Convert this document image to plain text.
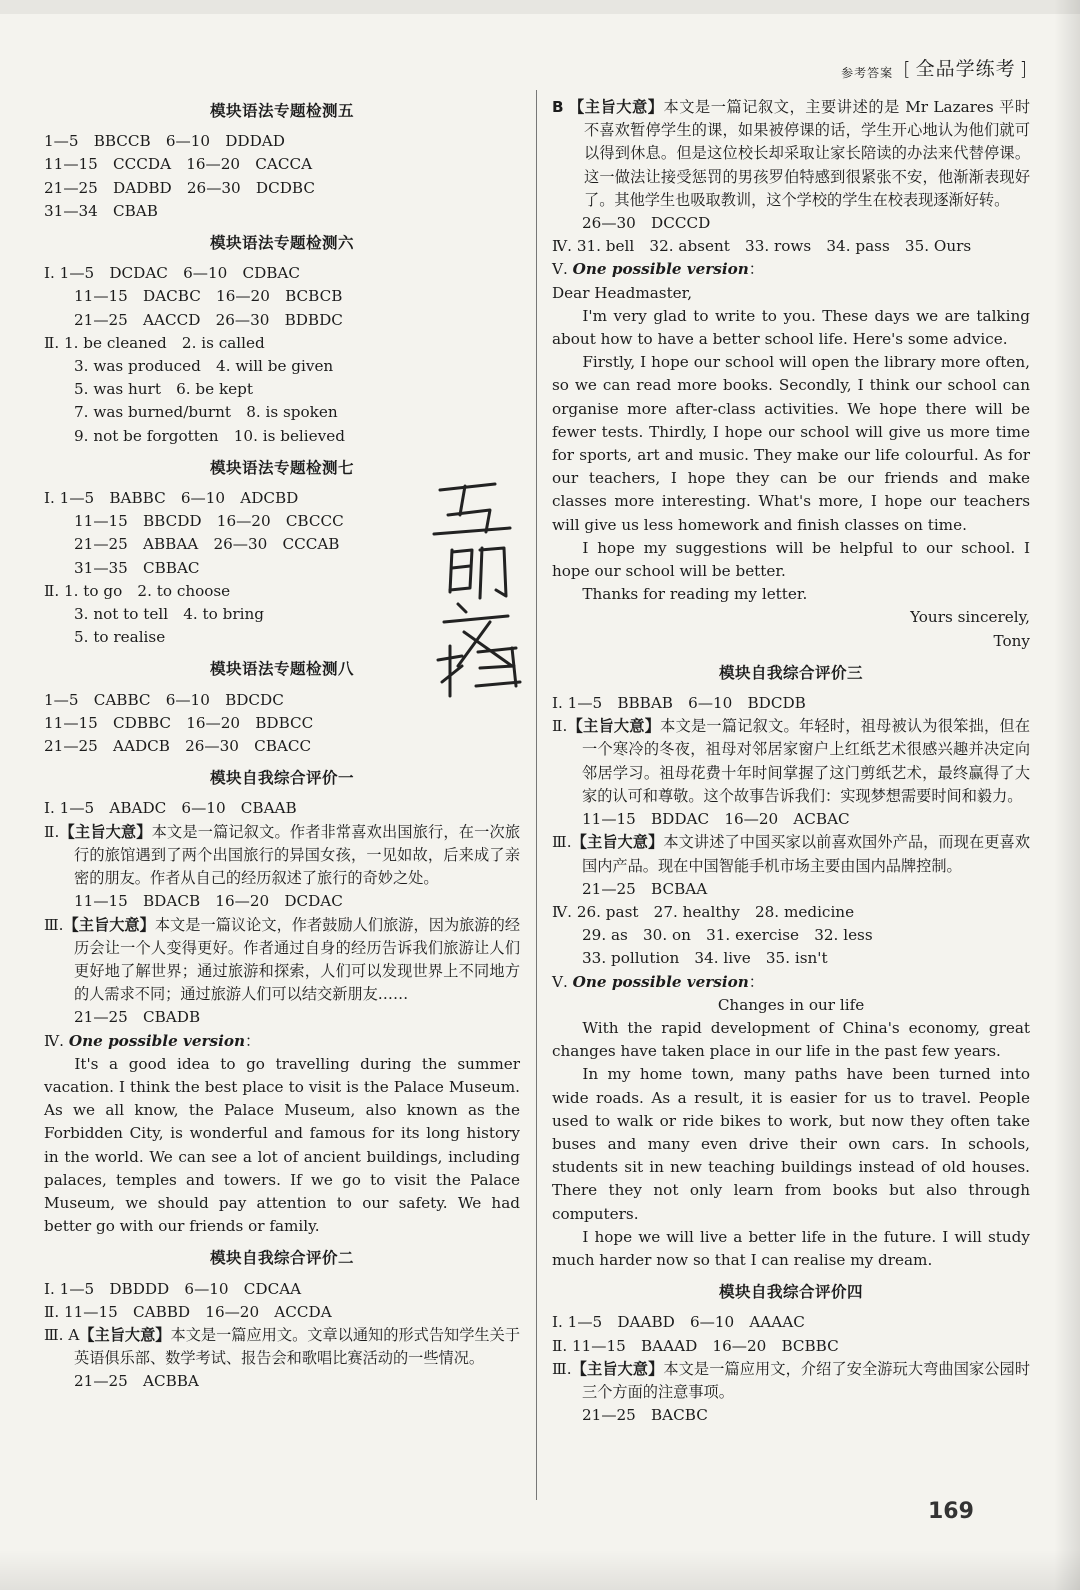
参考答案
[	全品学练考 ]
模块语法专题检测五
1—5　BBCCB　6—10　DDDAD
11—15　CCCDA　16—20　CACCA
21—25　DADBD　26—30　DCDBC
31—34　CBAB
模块语法专题检测六
Ⅰ. 1—5　DCDAC　6—10　CDBAC
11—15　DACBC　16—20　BCBCB
21—25　AACCD　26—30　BDBDC
Ⅱ. 1. be cleaned　2. is called
3. was produced　4. will be given
5. was hurt　6. be kept
7. was burned/burnt　8. is spoken
9. not be forgotten　10. is believed
模块语法专题检测七
Ⅰ. 1—5　BABBC　6—10　ADCBD
11—15　BBCDD　16—20　CBCCC
21—25　ABBAA　26—30　CCCAB
31—35　CBBAC
Ⅱ. 1. to go　2. to choose
3. not to tell　4. to bring
5. to realise
模块语法专题检测八
1—5　CABBC　6—10　BDCDC
11—15　CDBBC　16—20　BDBCC
21—25　AADCB　26—30　CBACC
模块自我综合评价一
Ⅰ. 1—5　ABADC　6—10　CBAAB
Ⅱ.【主旨大意】本文是一篇记叙文。作者非常喜欢出国旅行，在一次旅行的旅馆遇到了两个出国旅行的异国女孩，一见如故，后来成了亲密的朋友。作者从自己的经历叙述了旅行的奇妙之处。
11—15　BDACB　16—20　DCDAC
Ⅲ.【主旨大意】本文是一篇议论文，作者鼓励人们旅游，因为旅游的经历会让一个人变得更好。作者通过自身的经历告诉我们旅游让人们更好地了解世界；通过旅游和探索，人们可以发现世界上不同地方的人需求不同；通过旅游人们可以结交新朋友……
21—25　CBADB
Ⅳ. One possible version：
It's a good idea to go travelling during the summer vacation. I think the best place to visit is the Palace Museum. As we all know, the Palace Museum, also known as the Forbidden City, is wonderful and famous for its long history in the world. We can see a lot of ancient buildings, including palaces, temples and towers. If we go to visit the Palace Museum, we should pay attention to our safety. We had better go with our friends or family.
模块自我综合评价二
Ⅰ. 1—5　DBDDD　6—10　CDCAA
Ⅱ. 11—15　CABBD　16—20　ACCDA
Ⅲ. A【主旨大意】本文是一篇应用文。文章以通知的形式告知学生关于英语俱乐部、数学考试、报告会和歌唱比赛活动的一些情况。
21—25　ACBBA
B 【主旨大意】本文是一篇记叙文，主要讲述的是 Mr Lazares 平时不喜欢暂停学生的课，如果被停课的话，学生开心地认为他们就可以得到休息。但是这位校长却采取让家长陪读的办法来代替停课。这一做法让接受惩罚的男孩罗伯特感到很紧张不安，他渐渐表现好了。其他学生也吸取教训，这个学校的学生在校表现逐渐好转。
26—30　DCCCD
Ⅳ. 31. bell　32. absent　33. rows　34. pass　35. Ours
Ⅴ. One possible version：
Dear Headmaster,
I'm very glad to write to you. These days we are talking about how to have a better school life. Here's some advice.
Firstly, I hope our school will open the library more often, so we can read more books. Secondly, I think our school can organise more after-class activities. We hope there will be fewer tests. Thirdly, I hope our school will give us more time for sports, art and music. They make our life colourful. As for our teachers, I hope they can be our friends and make classes more interesting. What's more, I hope our teachers will give us less homework and finish classes on time.
I hope my suggestions will be helpful to our school. I hope our school will be better.
Thanks for reading my letter.
Yours sincerely,
Tony
模块自我综合评价三
Ⅰ. 1—5　BBBAB　6—10　BDCDB
Ⅱ.【主旨大意】本文是一篇记叙文。年轻时，祖母被认为很笨拙，但在一个寒冷的冬夜，祖母对邻居家窗户上红纸艺术很感兴趣并决定向邻居学习。祖母花费十年时间掌握了这门剪纸艺术，最终赢得了大家的认可和尊敬。这个故事告诉我们：实现梦想需要时间和毅力。
11—15　BDDAC　16—20　ACBAC
Ⅲ.【主旨大意】本文讲述了中国买家以前喜欢国外产品，而现在更喜欢国内产品。现在中国智能手机市场主要由国内品牌控制。
21—25　BCBAA
Ⅳ. 26. past　27. healthy　28. medicine
29. as　30. on　31. exercise　32. less
33. pollution　34. live　35. isn't
Ⅴ. One possible version：
Changes in our life
With the rapid development of China's economy, great changes have taken place in our life in the past few years.
In my home town, many paths have been turned into wide roads. As a result, it is easier for us to travel. People used to walk or ride bikes to work, but now they often take buses and many even drive their own cars. In schools, students sit in new teaching buildings instead of old houses. There they not only learn from books but also through computers.
I hope we will live a better life in the future. I will study much harder now so that I can realise my dream.
模块自我综合评价四
Ⅰ. 1—5　DAABD　6—10　AAAAC
Ⅱ. 11—15　BAAAD　16—20　BCBBC
Ⅲ.【主旨大意】本文是一篇应用文，介绍了安全游玩大弯曲国家公园时三个方面的注意事项。
21—25　BACBC
169
